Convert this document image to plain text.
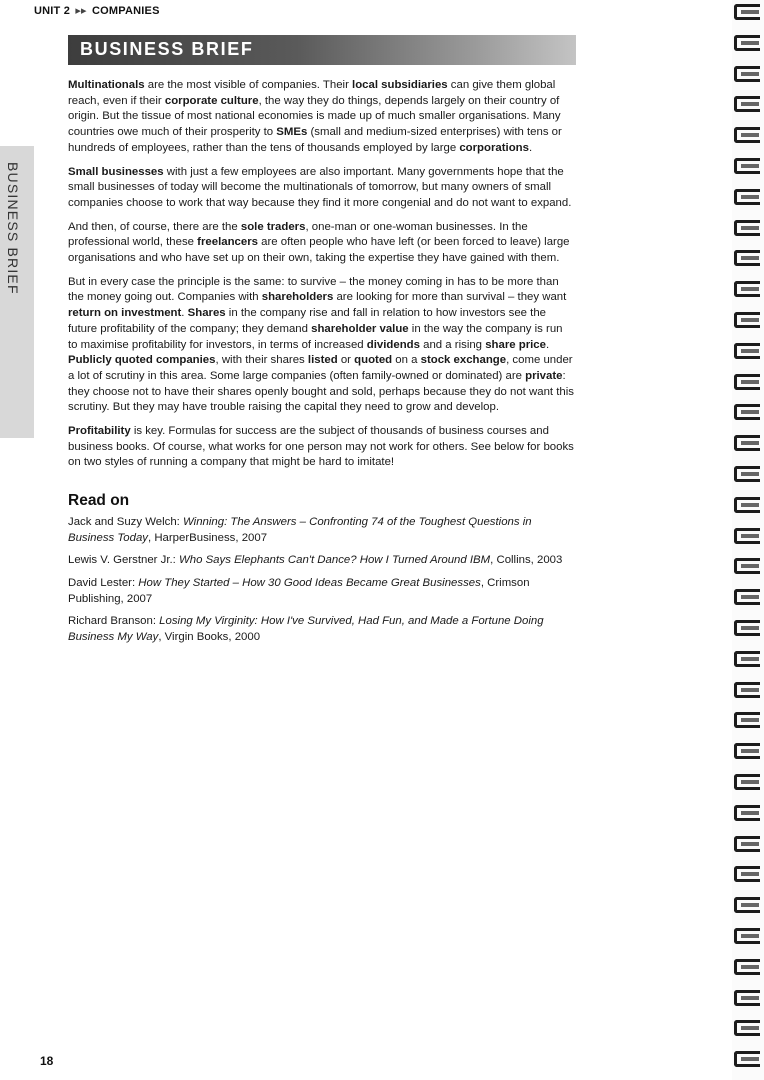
UNIT 2 ▸▸ COMPANIES
BUSINESS BRIEF
BUSINESS BRIEF

Multinationals are the most visible of companies. Their local subsidiaries can give them global reach, even if their corporate culture, the way they do things, depends largely on their country of origin. But the tissue of most national economies is made up of much smaller organisations. Many countries owe much of their prosperity to SMEs (small and medium-sized enterprises) with tens or hundreds of employees, rather than the tens of thousands employed by large corporations.

Small businesses with just a few employees are also important. Many governments hope that the small businesses of today will become the multinationals of tomorrow, but many owners of small companies choose to work that way because they find it more congenial and do not want to expand.

And then, of course, there are the sole traders, one-man or one-woman businesses. In the professional world, these freelancers are often people who have left (or been forced to leave) large organisations and who have set up on their own, taking the expertise they have gained with them.

But in every case the principle is the same: to survive – the money coming in has to be more than the money going out. Companies with shareholders are looking for more than survival – they want return on investment. Shares in the company rise and fall in relation to how investors see the future profitability of the company; they demand shareholder value in the way the company is run to maximise profitability for investors, in terms of increased dividends and a rising share price. Publicly quoted companies, with their shares listed or quoted on a stock exchange, come under a lot of scrutiny in this area. Some large companies (often family-owned or dominated) are private: they choose not to have their shares openly bought and sold, perhaps because they do not want this scrutiny. But they may have trouble raising the capital they need to grow and develop.

Profitability is key. Formulas for success are the subject of thousands of business courses and business books. Of course, what works for one person may not work for others. See below for books on two styles of running a company that might be hard to imitate!

Read on
Jack and Suzy Welch: Winning: The Answers – Confronting 74 of the Toughest Questions in Business Today, HarperBusiness, 2007
Lewis V. Gerstner Jr.: Who Says Elephants Can't Dance? How I Turned Around IBM, Collins, 2003
David Lester: How They Started – How 30 Good Ideas Became Great Businesses, Crimson Publishing, 2007
Richard Branson: Losing My Virginity: How I've Survived, Had Fun, and Made a Fortune Doing Business My Way, Virgin Books, 2000
18
